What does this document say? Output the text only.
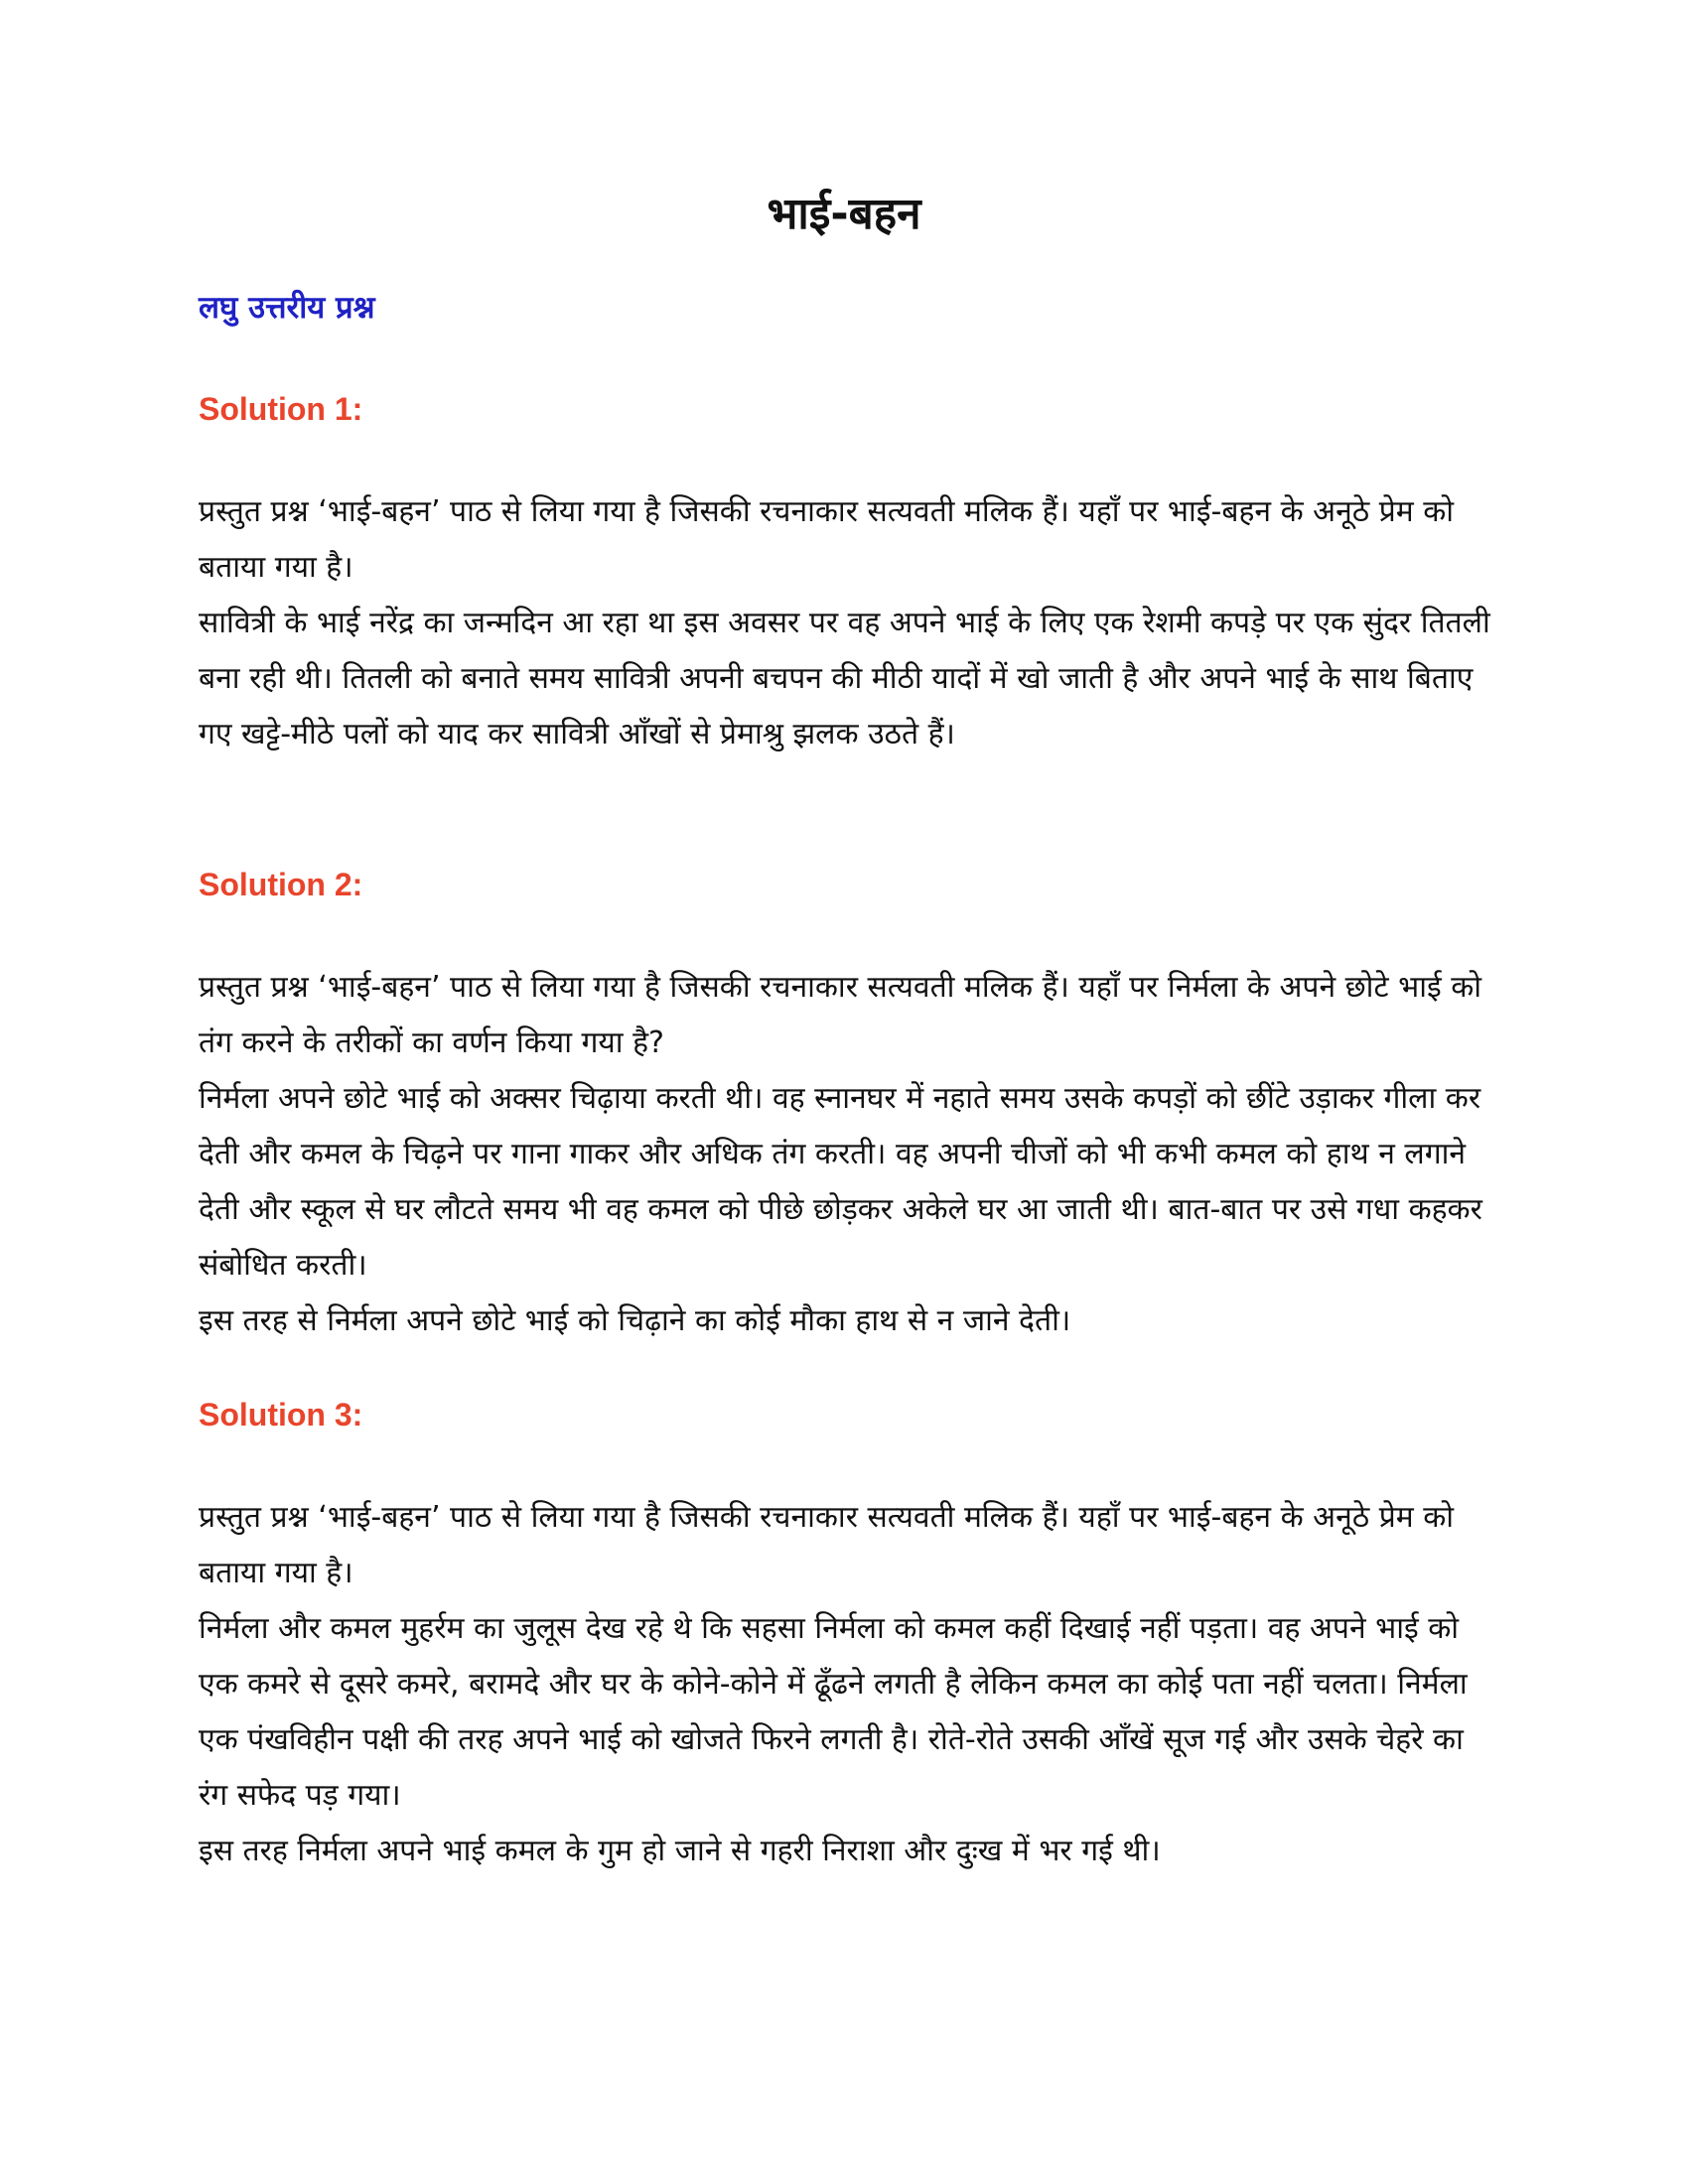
भाई-बहन
लघु उत्तरीय प्रश्न
Solution 1:

प्रस्तुत प्रश्न ‘भाई-बहन’ पाठ से लिया गया है जिसकी रचनाकार सत्यवती मलिक हैं। यहाँ पर भाई-बहन के अनूठे प्रेम को बताया गया है।

सावित्री के भाई नरेंद्र का जन्मदिन आ रहा था इस अवसर पर वह अपने भाई के लिए एक रेशमी कपड़े पर एक सुंदर तितली बना रही थी। तितली को बनाते समय सावित्री अपनी बचपन की मीठी यादों में खो जाती है और अपने भाई के साथ बिताए गए खट्टे-मीठे पलों को याद कर सावित्री आँखों से प्रेमाश्रु झलक उठते हैं।

Solution 2:

प्रस्तुत प्रश्न ‘भाई-बहन’ पाठ से लिया गया है जिसकी रचनाकार सत्यवती मलिक हैं। यहाँ पर निर्मला के अपने छोटे भाई को तंग करने के तरीकों का वर्णन किया गया है?

निर्मला अपने छोटे भाई को अक्सर चिढ़ाया करती थी। वह स्नानघर में नहाते समय उसके कपड़ों को छींटे उड़ाकर गीला कर देती और कमल के चिढ़ने पर गाना गाकर और अधिक तंग करती। वह अपनी चीजों को भी कभी कमल को हाथ न लगाने देती और स्कूल से घर लौटते समय भी वह कमल को पीछे छोड़कर अकेले घर आ जाती थी। बात-बात पर उसे गधा कहकर संबोधित करती।

इस तरह से निर्मला अपने छोटे भाई को चिढ़ाने का कोई मौका हाथ से न जाने देती।

Solution 3:

प्रस्तुत प्रश्न ‘भाई-बहन’ पाठ से लिया गया है जिसकी रचनाकार सत्यवती मलिक हैं। यहाँ पर भाई-बहन के अनूठे प्रेम को बताया गया है।

निर्मला और कमल मुहर्रम का जुलूस देख रहे थे कि सहसा निर्मला को कमल कहीं दिखाई नहीं पड़ता। वह अपने भाई को एक कमरे से दूसरे कमरे, बरामदे और घर के कोने-कोने में ढूँढने लगती है लेकिन कमल का कोई पता नहीं चलता। निर्मला एक पंखविहीन पक्षी की तरह अपने भाई को खोजते फिरने लगती है। रोते-रोते उसकी आँखें सूज गई और उसके चेहरे का रंग सफेद पड़ गया।

इस तरह निर्मला अपने भाई कमल के गुम हो जाने से गहरी निराशा और दुःख में भर गई थी।
